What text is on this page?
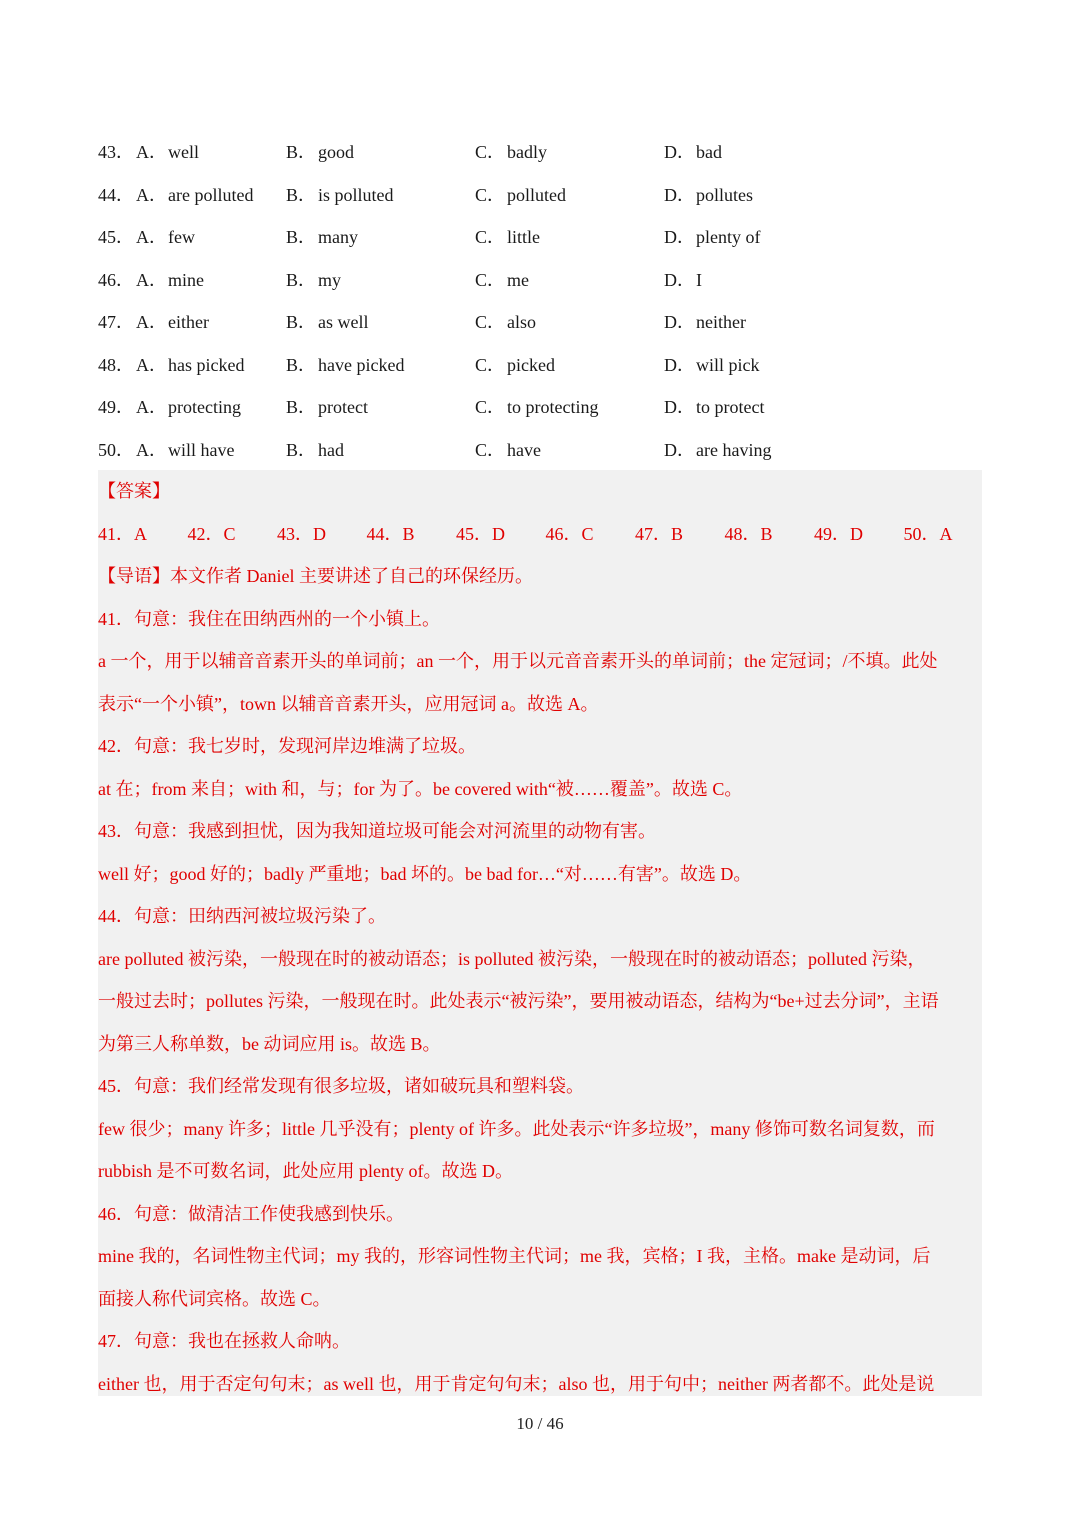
43． A．well	B． good	C． badly	D．bad
44． A．are polluted B． is polluted	C． polluted	D．pollutes
45． A．few	B． many	C． little	D．plenty of
46． A．mine	B． my	C． me	D．I
47． A．either	B． as well	C． also	D．neither
48． A．has picked B． have picked	C． picked	D．will pick
49． A．protecting	B． protect	C． to protecting	D．to protect
50． A．will have	B． had	C． have	D．are having
【答案】
41．A 42．C 43．D 44．B 45．D 46．C 47．B 48．B 49．D 50．A
【导语】本文作者 Daniel 主要讲述了自己的环保经历。
41．句意：我住在田纳西州的一个小镇上。
a 一个，用于以辅音音素开头的单词前；an 一个，用于以元音音素开头的单词前；the 定冠词；/不填。此处
表示“一个小镇”，town 以辅音音素开头，应用冠词 a。故选 A。
42．句意：我七岁时，发现河岸边堆满了垃圾。
at 在；from 来自；with 和，与；for 为了。be covered with“被……覆盖”。故选 C。
43．句意：我感到担忧，因为我知道垃圾可能会对河流里的动物有害。
well 好；good 好的；badly 严重地；bad 坏的。be bad for…“对……有害”。故选 D。
44．句意：田纳西河被垃圾污染了。
are polluted 被污染，一般现在时的被动语态；is polluted 被污染，一般现在时的被动语态；polluted 污染，
一般过去时；pollutes 污染，一般现在时。此处表示“被污染”，要用被动语态，结构为“be+过去分词”，主语
为第三人称单数，be 动词应用 is。故选 B。
45．句意：我们经常发现有很多垃圾，诸如破玩具和塑料袋。
few 很少；many 许多；little 几乎没有；plenty of 许多。此处表示“许多垃圾”，many 修饰可数名词复数，而
rubbish 是不可数名词，此处应用 plenty of。故选 D。
46．句意：做清洁工作使我感到快乐。
mine 我的，名词性物主代词；my 我的，形容词性物主代词；me 我，宾格；I 我，主格。make 是动词，后
面接人称代词宾格。故选 C。
47．句意：我也在拯救人命呐。
either 也，用于否定句句末；as well 也，用于肯定句句末；also 也，用于句中；neither 两者都不。此处是说
10 / 46
